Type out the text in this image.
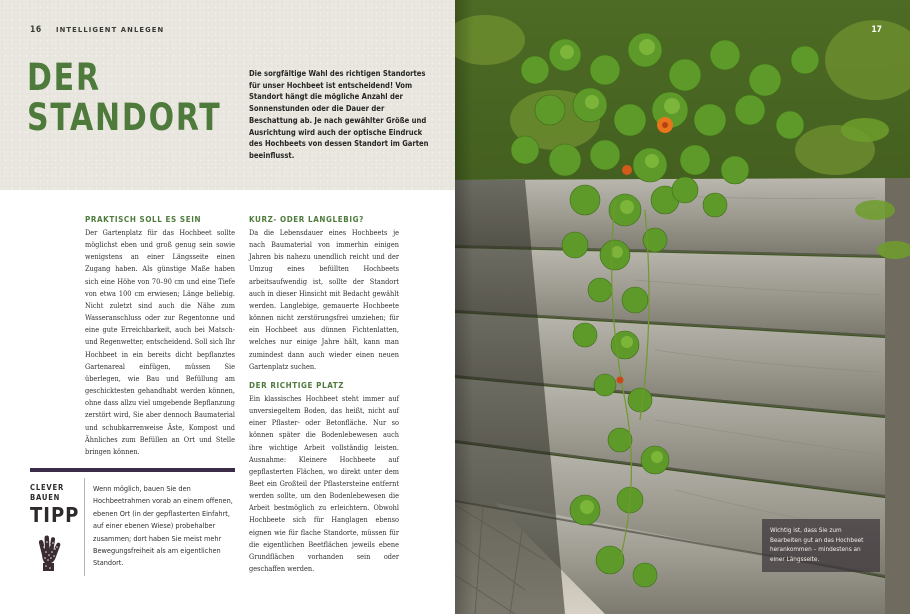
16 INTELLIGENT ANLEGEN
DER
STANDORT

Die sorgfältige Wahl des richtigen Standortes für unser Hochbeet ist entscheidend! Vom Standort hängt die mögliche Anzahl der Sonnenstunden oder die Dauer der Beschattung ab. Je nach gewählter Größe und Ausrichtung wird auch der optische Eindruck des Hochbeets von dessen Standort im Garten beeinflusst.

PRAKTISCH SOLL ES SEIN

Der Gartenplatz für das Hochbeet sollte möglichst eben und groß genug sein sowie wenigstens an einer Längsseite einen Zugang haben. Als günstige Maße haben sich eine Höhe von 70–90 cm und eine Tiefe von etwa 100 cm erwiesen; Länge beliebig. Nicht zuletzt sind auch die Nähe zum Wasseranschluss oder zur Regentonne und eine gute Erreichbarkeit, auch bei Matsch- und Regenwetter, entscheidend. Soll sich Ihr Hochbeet in ein bereits dicht bepflanztes Gartenareal einfügen, müssen Sie überlegen, wie Bau und Befüllung am geschicktesten gehandhabt werden können, ohne dass allzu viel umgebende Bepflanzung zerstört wird, Sie aber dennoch Baumaterial und schubkarrenweise Äste, Kompost und Ähnliches zum Befüllen an Ort und Stelle bringen können.

KURZ- ODER LANGLEBIG?

Da die Lebensdauer eines Hochbeets je nach Baumaterial von immerhin einigen Jahren bis nahezu unendlich reicht und der Umzug eines befüllten Hochbeets arbeitsaufwendig ist, sollte der Standort auch in dieser Hinsicht mit Bedacht gewählt werden. Langlebige, gemauerte Hochbeete können nicht zerstörungsfrei umziehen; für ein Hochbeet aus dünnen Fichtenlatten, welches nur einige Jahre hält, kann man zumindest dann auch wieder einen neuen Gartenplatz suchen.

DER RICHTIGE PLATZ

Ein klassisches Hochbeet steht immer auf unversiegeltem Boden, das heißt, nicht auf einer Pflaster- oder Betonfläche. Nur so können später die Bodenlebewesen auch ihre wichtige Arbeit vollständig leisten. Ausnahme: Kleinere Hochbeete auf gepflasterten Flächen, wo direkt unter dem Beet ein Großteil der Pflastersteine entfernt werden sollte, um den Bodenlebewesen die Arbeit bestmöglich zu erleichtern. Obwohl Hochbeete sich für Hanglagen ebenso eignen wie für flache Standorte, müssen für die eigentlichen Beetflächen jeweils ebene Grundflächen vorhanden sein oder geschaffen werden.

CLEVER
BAUEN
TIPP

Wenn möglich, bauen Sie den Hochbeetrahmen vorab an einem offenen, ebenen Ort (in der gepflasterten Einfahrt, auf einer ebenen Wiese) probehalber zusammen; dort haben Sie meist mehr Bewegungsfreiheit als am eigentlichen Standort.

17
Wichtig ist, dass Sie zum Bearbeiten gut an das Hochbeet herankommen – mindestens an einer Längsseite.
